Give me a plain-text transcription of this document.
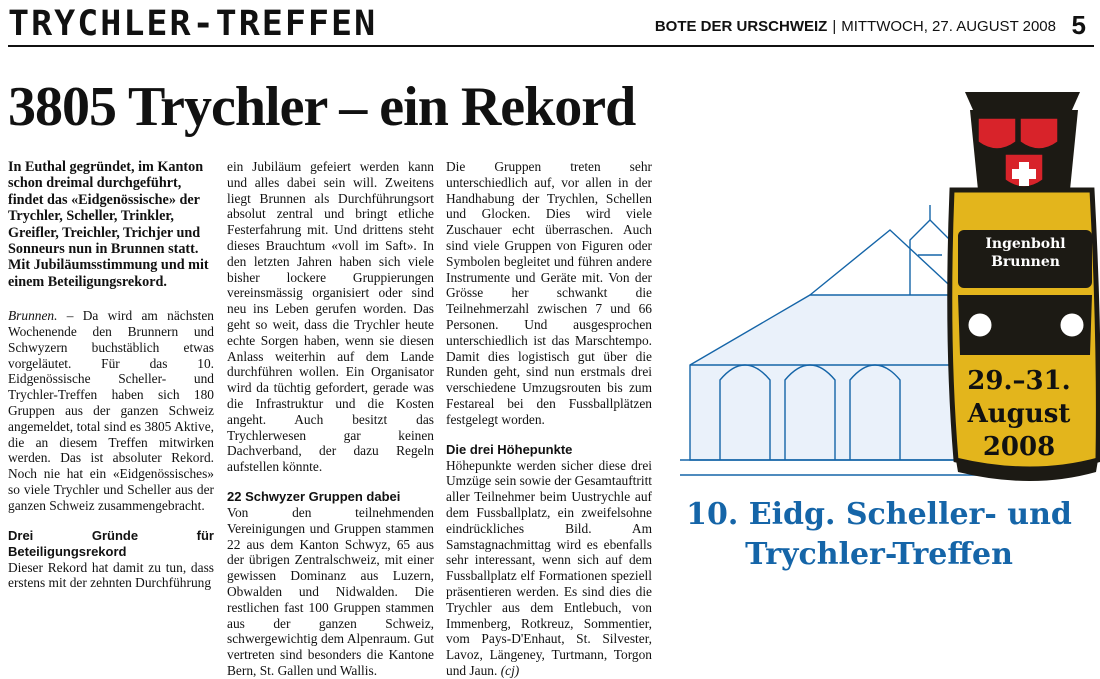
TRYCHLER-TREFFEN	BOTE DER URSCHWEIZ | MITTWOCH, 27. AUGUST 2008 5
3805 Trychler – ein Rekord

In Euthal gegründet, im Kanton schon dreimal durchgeführt, findet das «Eidgenössische» der Trychler, Scheller, Trinkler, Greifler, Treichler, Trichjer und Sonneurs nun in Brunnen statt. Mit Jubiläumsstimmung und mit einem Beteiligungsrekord.

Brunnen. – Da wird am nächsten Wochenende den Brunnern und Schwyzern buchstäblich etwas vorgeläutet. Für das 10. Eidgenössische Scheller- und Trychler-Treffen haben sich 180 Gruppen aus der ganzen Schweiz angemeldet, total sind es 3805 Aktive, die an diesem Treffen mitwirken werden. Das ist absoluter Rekord. Noch nie hat ein «Eidgenössisches» so viele Trychler und Scheller aus der ganzen Schweiz zusammengebracht.

Drei Gründe für Beteiligungsrekord

Dieser Rekord hat damit zu tun, dass erstens mit der zehnten Durchführung

ein Jubiläum gefeiert werden kann und alles dabei sein will. Zweitens liegt Brunnen als Durchführungsort absolut zentral und bringt etliche Festerfahrung mit. Und drittens steht dieses Brauchtum «voll im Saft». In den letzten Jahren haben sich viele bisher lockere Gruppierungen vereinsmässig organisiert oder sind neu ins Leben gerufen worden. Das geht so weit, dass die Trychler heute echte Sorgen haben, wenn sie diesen Anlass weiterhin auf dem Lande durchführen wollen. Ein Organisator wird da tüchtig gefordert, gerade was die Infrastruktur und die Kosten angeht. Auch besitzt das Trychlerwesen gar keinen Dachverband, der dazu Regeln aufstellen könnte.

22 Schwyzer Gruppen dabei

Von den teilnehmenden Vereinigungen und Gruppen stammen 22 aus dem Kanton Schwyz, 65 aus der übrigen Zentralschweiz, mit einer gewissen Dominanz aus Luzern, Obwalden und Nidwalden. Die restlichen fast 100 Gruppen stammen aus der ganzen Schweiz, schwergewichtig dem Alpenraum. Gut vertreten sind besonders die Kantone Bern, St. Gallen und Wallis.

Die Gruppen treten sehr unterschiedlich auf, vor allen in der Handhabung der Trychlen, Schellen und Glocken. Dies wird viele Zuschauer echt überraschen. Auch sind viele Gruppen von Figuren oder Symbolen begleitet und führen andere Instrumente und Geräte mit. Von der Grösse her schwankt die Teilnehmerzahl zwischen 7 und 66 Personen. Und ausgesprochen unterschiedlich ist das Marschtempo. Damit dies logistisch gut über die Runden geht, sind nun erstmals drei verschiedene Umzugsrouten bis zum Festareal bei den Fussballplätzen festgelegt worden.

Die drei Höhepunkte

Höhepunkte werden sicher diese drei Umzüge sein sowie der Gesamtauftritt aller Teilnehmer beim Uustrychle auf dem Fussballplatz, ein zweifelsohne eindrückliches Bild. Am Samstagnachmittag wird es ebenfalls sehr interessant, wenn sich auf dem Fussballplatz elf Formationen speziell präsentieren werden. Es sind dies die Trychler aus dem Entlebuch, von Immenberg, Rotkreuz, Sommentier, vom Pays-D'Enhaut, St. Silvester, Lavoz, Längeney, Turtmann, Torgon und Jaun. (cj)

Ingenbohl
Brunnen
29.–31.
August
2008
10. Eidg. Scheller- und
Trychler-Treffen
